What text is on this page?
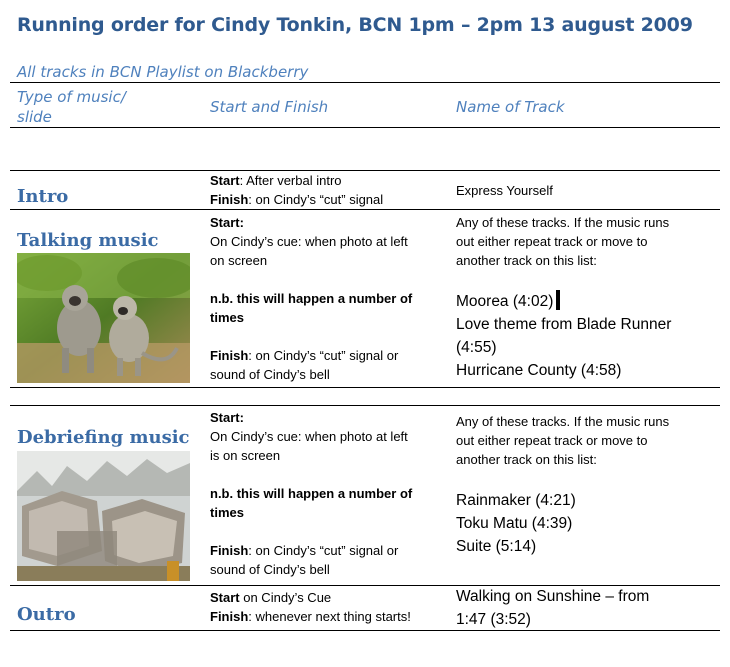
Running order for Cindy Tonkin, BCN 1pm – 2pm 13 august 2009
All tracks in BCN Playlist on Blackberry
Type of music/
slide
Start and Finish	Name of Track
Intro
Start: After verbal intro
Finish: on Cindy’s “cut” signal
Express Yourself
Talking music
Start:
On Cindy’s cue: when photo at left
on screen
n.b. this will happen a number of
times
Finish: on Cindy’s “cut” signal or
sound of Cindy’s bell
Any of these tracks. If the music runs
out either repeat track or move to
another track on this list:
Moorea (4:02)
Love theme from Blade Runner
(4:55)
Hurricane County (4:58)
Debriefing music
Start:
On Cindy’s cue: when photo at left
is on screen
n.b. this will happen a number of
times
Finish: on Cindy’s “cut” signal or
sound of Cindy’s bell
Any of these tracks. If the music runs
out either repeat track or move to
another track on this list:
Rainmaker (4:21)
Toku Matu (4:39)
Suite (5:14)
Outro
Start on Cindy’s Cue
Finish: whenever next thing starts!
Walking on Sunshine – from
1:47 (3:52)
